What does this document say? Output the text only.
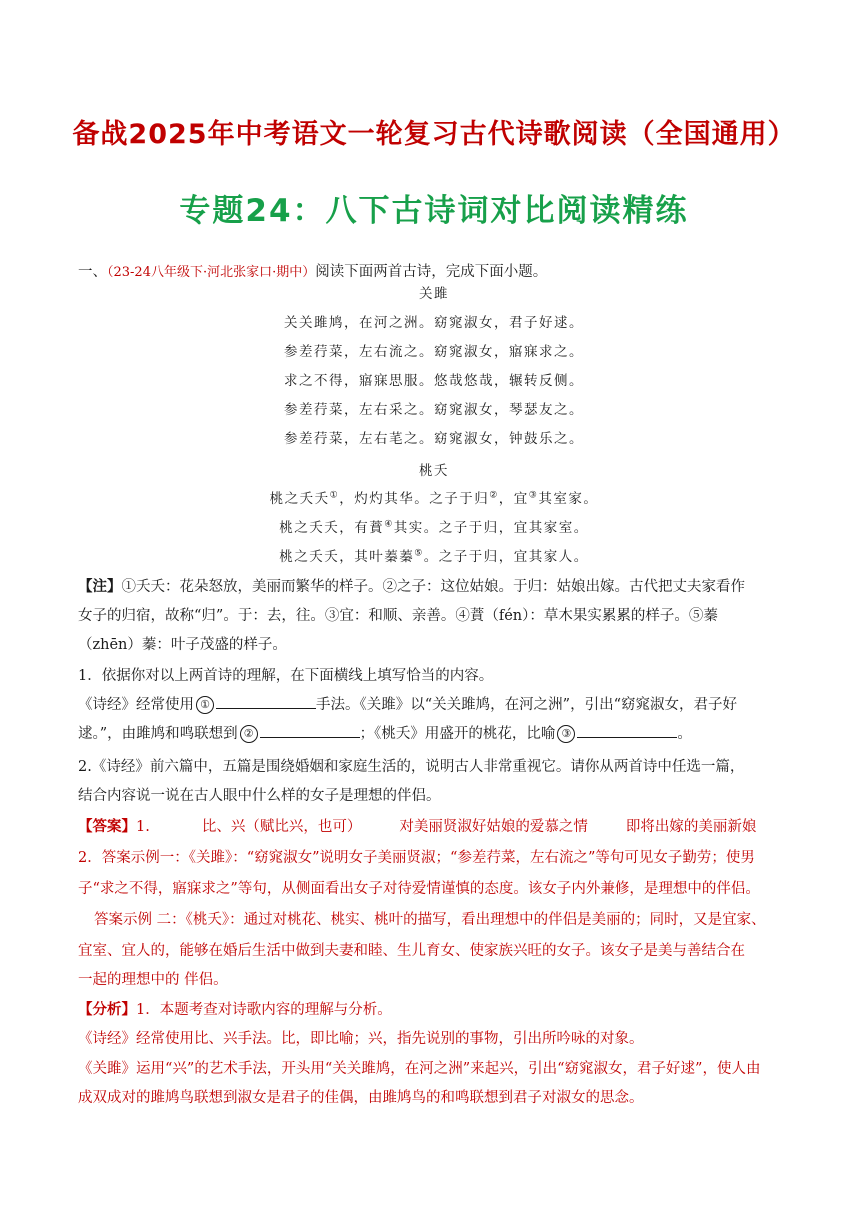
备战2025年中考语文一轮复习古代诗歌阅读（全国通用）
专题24：八下古诗词对比阅读精练
一、（23-24八年级下·河北张家口·期中）阅读下面两首古诗，完成下面小题。
关雎
关关雎鸠，在河之洲。窈窕淑女，君子好逑。
参差荇菜，左右流之。窈窕淑女，寤寐求之。
求之不得，寤寐思服。悠哉悠哉，辗转反侧。
参差荇菜，左右采之。窈窕淑女，琴瑟友之。
参差荇菜，左右芼之。窈窕淑女，钟鼓乐之。
桃夭
桃之夭夭①，灼灼其华。之子于归②，宜③其室家。
桃之夭夭，有蕡④其实。之子于归，宜其家室。
桃之夭夭，其叶蓁蓁⑤。之子于归，宜其家人。
【注】①夭夭：花朵怒放，美丽而繁华的样子。②之子：这位姑娘。于归：姑娘出嫁。古代把丈夫家看作
女子的归宿，故称“归”。于：去，往。③宜：和顺、亲善。④蕡（fén）：草木果实累累的样子。⑤蓁
（zhēn）蓁：叶子茂盛的样子。
1．依据你对以上两首诗的理解，在下面横线上填写恰当的内容。
《诗经》经常使用 ①	手法。《关雎》以“关关雎鸠，在河之洲”，引出“窈窕淑女，君子好
逑。”，由雎鸠和鸣联想到 ②	；《桃夭》用盛开的桃花，比喻 ③	。
2.《诗经》前六篇中，五篇是围绕婚姻和家庭生活的，说明古人非常重视它。请你从两首诗中任选一篇，
结合内容说一说在古人眼中什么样的女子是理想的伴侣。
【答案】1.	比、兴（赋比兴，也可）	对美丽贤淑好姑娘的爱慕之情	即将出嫁的美丽新娘
2．答案示例一：《关雎》：“窈窕淑女”说明女子美丽贤淑；“参差荇菜，左右流之”等句可见女子勤劳；使男
子“求之不得，寤寐求之”等句，从侧面看出女子对待爱情谨慎的态度。该女子内外兼修，是理想中的伴侣。
答案示例 二：《桃夭》：通过对桃花、桃实、桃叶的描写，看出理想中的伴侣是美丽的；同时，又是宜家、
宜室、宜人的，能够在婚后生活中做到夫妻和睦、生儿育女、使家族兴旺的女子。该女子是美与善结合在
一起的理想中的 伴侣。
【分析】1．本题考查对诗歌内容的理解与分析。
《诗经》经常使用比、兴手法。比，即比喻；兴，指先说别的事物，引出所吟咏的对象。
《关雎》运用“兴”的艺术手法，开头用“关关雎鸠，在河之洲”来起兴，引出“窈窕淑女，君子好逑”，使人由
成双成对的雎鸠鸟联想到淑女是君子的佳偶，由雎鸠鸟的和鸣联想到君子对淑女的思念。
